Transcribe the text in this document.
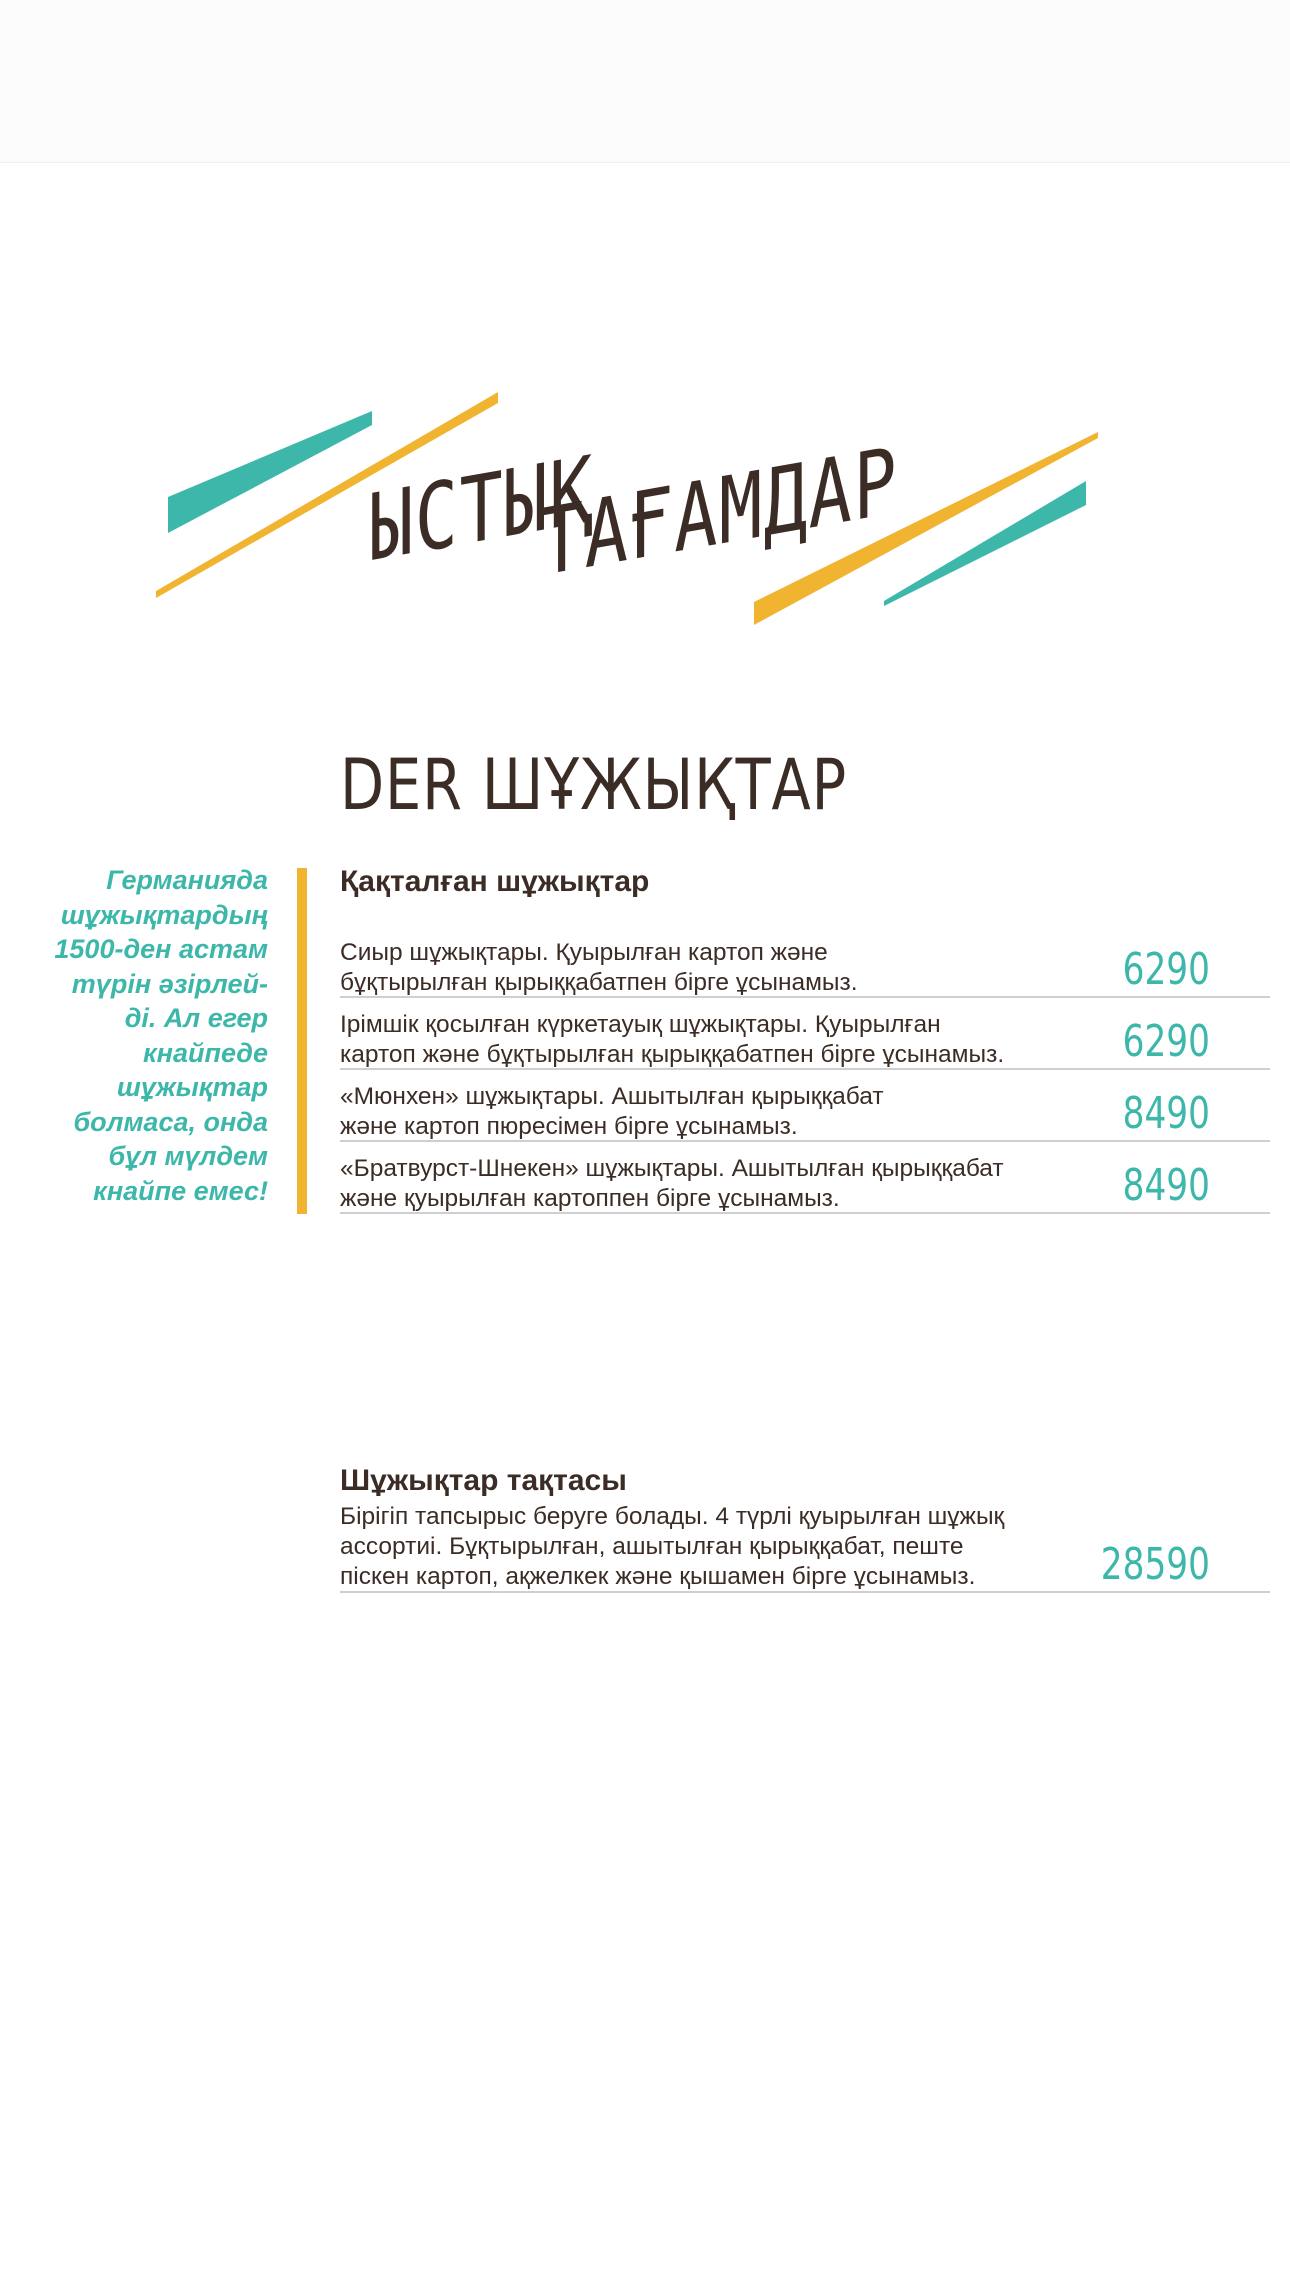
ЫСТЫҚ
ТАҒАМДАР
DER ШҰЖЫҚТАР
Германияда
шұжықтардың
1500-ден астам
түрін әзірлей-
ді. Ал егер
кнайпеде
шұжықтар
болмаса, онда
бұл мүлдем
кнайпе емес!
Қақталған шұжықтар
Сиыр шұжықтары. Қуырылған картоп және
бұқтырылған қырыққабатпен бірге ұсынамыз.	6290
Ірімшік қосылған күркетауық шұжықтары. Қуырылған
картоп және бұқтырылған қырыққабатпен бірге ұсынамыз.	6290
«Мюнхен» шұжықтары. Ашытылған қырыққабат
және картоп пюресімен бірге ұсынамыз.	8490
«Братвурст-Шнекен» шұжықтары. Ашытылған қырыққабат
және қуырылған картоппен бірге ұсынамыз.	8490
Шұжықтар тақтасы
Бірігіп тапсырыс беруге болады. 4 түрлі қуырылған шұжық
ассортиі. Бұқтырылған, ашытылған қырыққабат, пеште
піскен картоп, ақжелкек және қышамен бірге ұсынамыз.	28590
